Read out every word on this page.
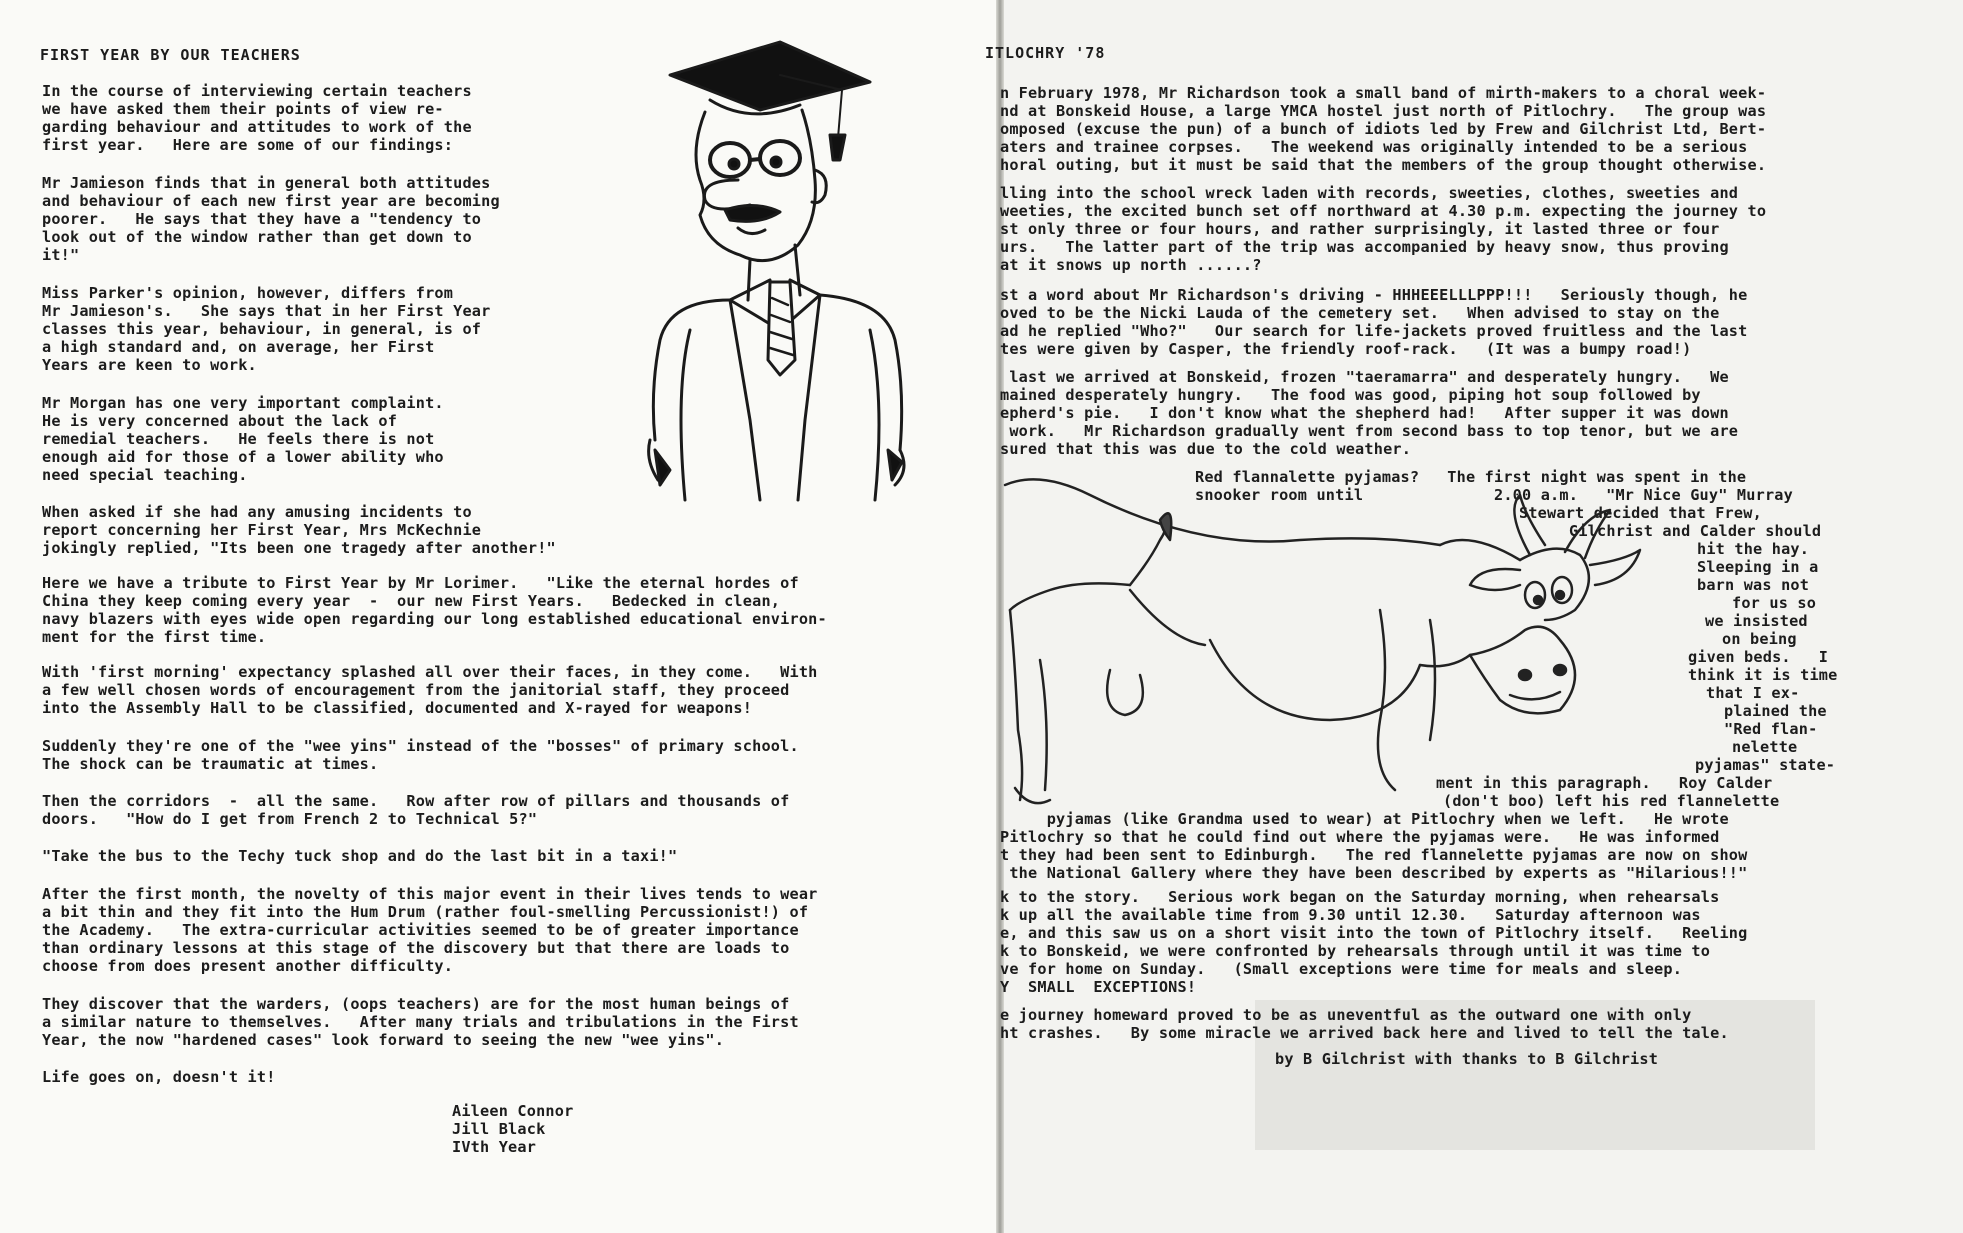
FIRST YEAR BY OUR TEACHERS
In the course of interviewing certain teachers
we have asked them their points of view re-
garding behaviour and attitudes to work of the
first year.   Here are some of our findings:
Mr Jamieson finds that in general both attitudes
and behaviour of each new first year are becoming
poorer.   He says that they have a "tendency to
look out of the window rather than get down to
it!"
Miss Parker's opinion, however, differs from
Mr Jamieson's.   She says that in her First Year
classes this year, behaviour, in general, is of
a high standard and, on average, her First
Years are keen to work.
Mr Morgan has one very important complaint.
He is very concerned about the lack of
remedial teachers.   He feels there is not
enough aid for those of a lower ability who
need special teaching.
When asked if she had any amusing incidents to
report concerning her First Year, Mrs McKechnie
jokingly replied, "Its been one tragedy after another!"
Here we have a tribute to First Year by Mr Lorimer.   "Like the eternal hordes of
China they keep coming every year  -  our new First Years.   Bedecked in clean,
navy blazers with eyes wide open regarding our long established educational environ-
ment for the first time.
With 'first morning' expectancy splashed all over their faces, in they come.   With
a few well chosen words of encouragement from the janitorial staff, they proceed
into the Assembly Hall to be classified, documented and X-rayed for weapons!
Suddenly they're one of the "wee yins" instead of the "bosses" of primary school.
The shock can be traumatic at times.
Then the corridors  -  all the same.   Row after row of pillars and thousands of
doors.   "How do I get from French 2 to Technical 5?"
"Take the bus to the Techy tuck shop and do the last bit in a taxi!"
After the first month, the novelty of this major event in their lives tends to wear
a bit thin and they fit into the Hum Drum (rather foul-smelling Percussionist!) of
the Academy.   The extra-curricular activities seemed to be of greater importance
than ordinary lessons at this stage of the discovery but that there are loads to
choose from does present another difficulty.
They discover that the warders, (oops teachers) are for the most human beings of
a similar nature to themselves.   After many trials and tribulations in the First
Year, the now "hardened cases" look forward to seeing the new "wee yins".
Life goes on, doesn't it!
Aileen Connor
Jill Black
IVth Year
ITLOCHRY '78
n February 1978, Mr Richardson took a small band of mirth-makers to a choral week-
nd at Bonskeid House, a large YMCA hostel just north of Pitlochry.   The group was
omposed (excuse the pun) of a bunch of idiots led by Frew and Gilchrist Ltd, Bert-
aters and trainee corpses.   The weekend was originally intended to be a serious
horal outing, but it must be said that the members of the group thought otherwise.
lling into the school wreck laden with records, sweeties, clothes, sweeties and
weeties, the excited bunch set off northward at 4.30 p.m. expecting the journey to
st only three or four hours, and rather surprisingly, it lasted three or four
urs.   The latter part of the trip was accompanied by heavy snow, thus proving
at it snows up north ......?
st a word about Mr Richardson's driving - HHHEEELLLPPP!!!   Seriously though, he
oved to be the Nicki Lauda of the cemetery set.   When advised to stay on the
ad he replied "Who?"   Our search for life-jackets proved fruitless and the last
tes were given by Casper, the friendly roof-rack.   (It was a bumpy road!)
last we arrived at Bonskeid, frozen "taeramarra" and desperately hungry.   We
mained desperately hungry.   The food was good, piping hot soup followed by
epherd's pie.   I don't know what the shepherd had!   After supper it was down
work.   Mr Richardson gradually went from second bass to top tenor, but we are
sured that this was due to the cold weather.
Red flannalette pyjamas?   The first night was spent in the
snooker room until              2.00 a.m.   "Mr Nice Guy" Murray
Stewart decided that Frew,
Gilchrist and Calder should
hit the hay.
Sleeping in a
barn was not
for us so
we insisted
on being
given beds.   I
think it is time
that I ex-
plained the
"Red flan-
nelette
pyjamas" state-
ment in this paragraph.   Roy Calder
(don't boo) left his red flannelette
pyjamas (like Grandma used to wear) at Pitlochry when we left.   He wrote
Pitlochry so that he could find out where the pyjamas were.   He was informed
t they had been sent to Edinburgh.   The red flannelette pyjamas are now on show
the National Gallery where they have been described by experts as "Hilarious!!"
k to the story.   Serious work began on the Saturday morning, when rehearsals
k up all the available time from 9.30 until 12.30.   Saturday afternoon was
e, and this saw us on a short visit into the town of Pitlochry itself.   Reeling
k to Bonskeid, we were confronted by rehearsals through until it was time to
ve for home on Sunday.   (Small exceptions were time for meals and sleep.
Y  SMALL  EXCEPTIONS!
e journey homeward proved to be as uneventful as the outward one with only
ht crashes.   By some miracle we arrived back here and lived to tell the tale.
by B Gilchrist with thanks to B Gilchrist
